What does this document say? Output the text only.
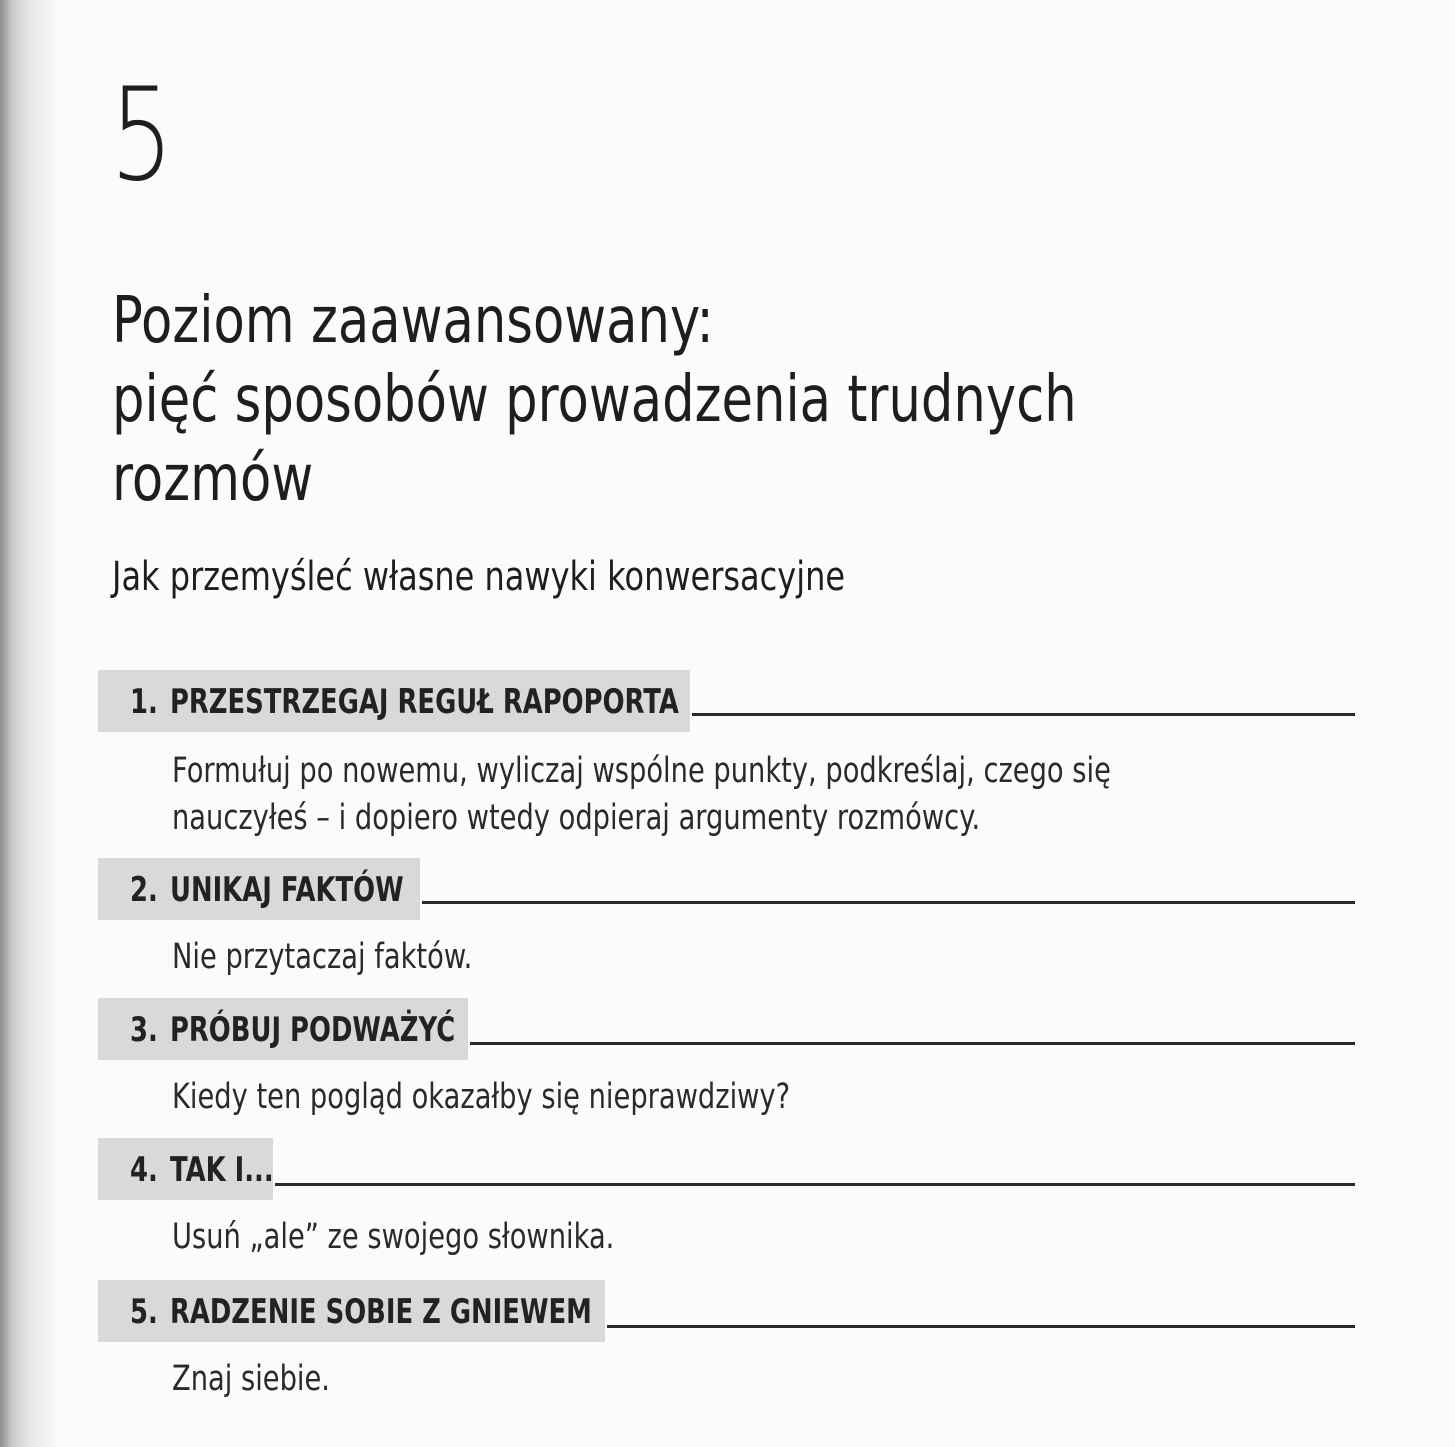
5
Poziom zaawansowany:
pięć sposobów prowadzenia trudnych
rozmów
Jak przemyśleć własne nawyki konwersacyjne
1. PRZESTRZEGAJ REGUŁ RAPOPORTA
Formułuj po nowemu, wyliczaj wspólne punkty, podkreślaj, czego się
nauczyłeś – i dopiero wtedy odpieraj argumenty rozmówcy.
2. UNIKAJ FAKTÓW
Nie przytaczaj faktów.
3. PRÓBUJ PODWAŻYĆ
Kiedy ten pogląd okazałby się nieprawdziwy?
4. TAK I...
Usuń „ale” ze swojego słownika.
5. RADZENIE SOBIE Z GNIEWEM
Znaj siebie.
